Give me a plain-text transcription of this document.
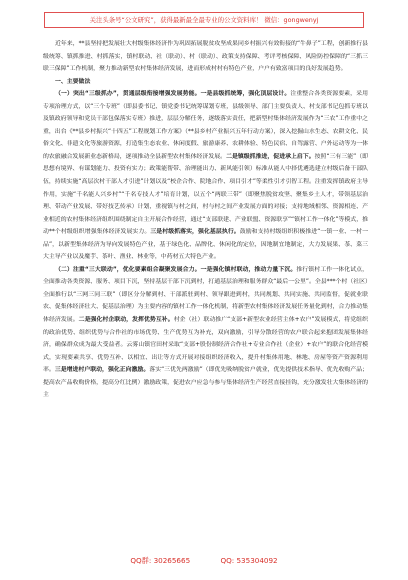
关注头条号“公文研究”，获得最新最全最专业的公文资料库！ 微信：gongwenyj

近年来，**县坚持把发展壮大村级集体经济作为巩固拓展脱贫攻坚成果同乡村振兴有效衔接的“牛鼻子”工程，创新推行县级统筹、镇抓推进、村抓落实，镇村联动、社（联动）、村（联动）、政策支持保障、考评考核保障、风险防控保障的“三抓三联三保障”工作机制，聚力推动新型农村集体经济发展，进而形成村村有特色产业，户户有致富项目的良好发展趋势。

一、主要做法

（一）突出“三级抓办”，贯通层级衔接增强发展势能。一是县级抓统筹，强化顶层设计。注重整合各类资源要素，采用专项治理方式，以“三个专班”（即县委书记、镇党委书记统筹谋划专班，县级领导、部门主要负责人、村支部书记包抓专班以及镇政府领导和党员干部包保落实专班）推进，层层分解任务，逐级落实责任，把新型村集体经济发展作为“三农”工作重中之重，出台《**县乡村振兴“十四五”工程规划工作方案》（**县乡村产业振兴五年行动方案），深入挖掘山水生态、农耕文化、民俗文化、非遗文化等旅游资源，打造集生态农业、休闲度假、旅游康养、农耕体验、特色民宿、自驾露营、户外运动等为一体的农旅融合发展新业态新格局，逐项推动全县新型农村集体经济发展。二是镇级抓推进，促进承上启下。按照“三有三能”（即思想有境界、有谋划能力、投资有实力；政策能帮带、治理能出力、新风能引领）标准从能人中择优遴选建立村级后备干部队伍，持续实施“高层次村干部人才引进”计划以及“校企合作、院地合作、项目引才”等柔性引才引智工程。注重发挥镇政府主导作用，实施“千名能人兴乡村”“千名专技人才”培育计划，以五个“两联三带”（即聚焦脱贫攻坚、聚集乡土人才，带领基层治理、带动产业发展、带好技艺传承）计划，重视镇与村之间，村与村之间产业发展方面的对接；支持地域相邻、资源相连、产业相近的农村集体经济组织围绕制定自主开展合作经营，通过“支部联建、产业联盟、资源联享”“镇村工作一体化”等模式，推动**个村级组织增强集体经济发展实力。三是村级抓落实，强化基层执行。鼓励和支持村级组织积极推进“一镇一业、一村一品”，以新型集体经济为导向发展特色产业，基于绿色化、品牌化、休闲化的定位，因地制宜地制定，大力发展果、茶、菜三大主导产业以及魔芋、茶叶、渔业、林业等，中药材五大特色产业。

（二）注重“三大联动”，优化要素组合凝聚发展合力。一是强化镇村联动，推动力量下沉。推行镇村工作一体化试点，全面推动各类资源、服务、项目下沉，坚持基层干部下沉到村，打通基层治理和服务群众“最后一公里”。全县***个村（社区）全面推行以“三网三同三联”（即区分分解到村、干部派驻到村、领导跟进到村，共同规划、共同实施、共同监督，促就业联农、促集体经济壮大、促基层治理）为主要内容的镇村工作一体化机制，将新型农村集体经济发展任务量化到村，合力推动集体经济发展。二是强化村企联动，发挥优势互补。村企（社）联动推广“支部+新型农业经营主体+农户”发展模式，将党组织的政治优势、组织优势与合作社的市场优势、生产优势互为补充，双向激励，引导分散经营的农户联合起来抱团发展集体经济，确保群众成为最大受益者。云雾山镇官田村采取“支部+股份制经济合作社+专业合作社（企业）+农户”的联合化经营模式，实现要素共享、优势互补、以相宜、出让等方式开展对接组织经济收入，提升村集体用地、林地、房屋等资产资源利用率。三是增进村户联动，强化正向激励。落实“三优先两激励”（即优先吸纳脱贫户就业，优先提供技术指导、优先收购产品；提高农产品收购价格，提高分红比例）激励政策，促进农户应急与参与集体经济生产经营直接挂钩，充分激发壮大集体经济的主

QQ群: 30265665	QQ: 535304092
